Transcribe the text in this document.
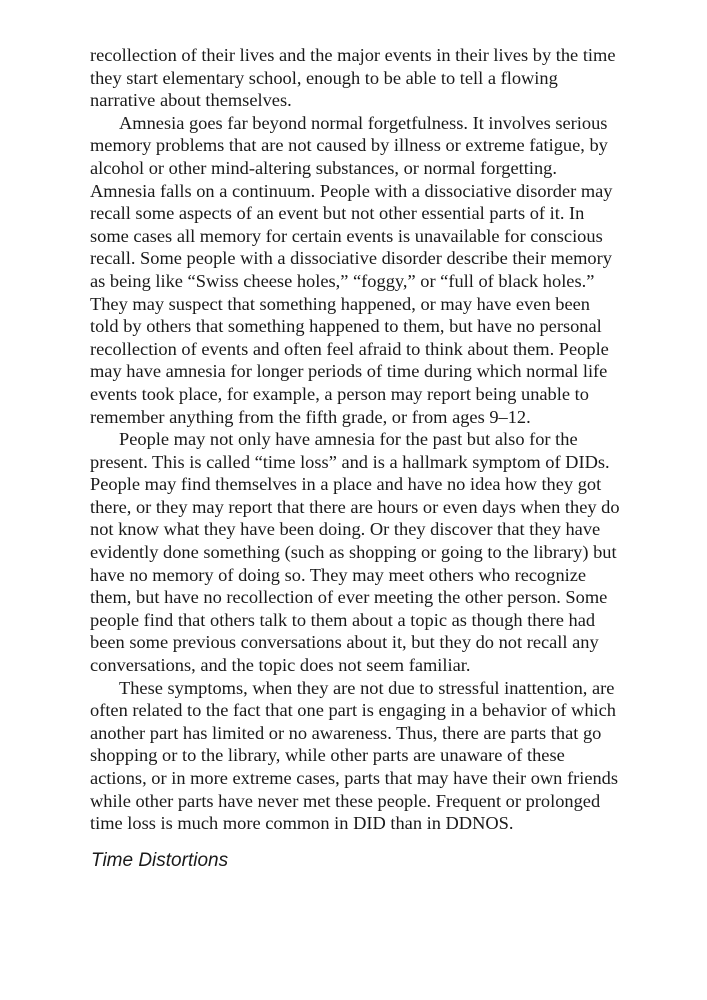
recollection of their lives and the major events in their lives by the time they start elementary school, enough to be able to tell a flowing narrative about themselves.

Amnesia goes far beyond normal forgetfulness. It involves serious memory problems that are not caused by illness or extreme fatigue, by alcohol or other mind-altering substances, or normal forgetting. Amnesia falls on a continuum. People with a dissociative disorder may recall some aspects of an event but not other essential parts of it. In some cases all memory for certain events is unavailable for conscious recall. Some people with a dissociative disorder describe their memory as being like “Swiss cheese holes,” “foggy,” or “full of black holes.” They may suspect that something happened, or may have even been told by others that something happened to them, but have no personal recollection of events and often feel afraid to think about them. People may have amnesia for longer periods of time during which normal life events took place, for example, a person may report being unable to remember anything from the fifth grade, or from ages 9–12.

People may not only have amnesia for the past but also for the present. This is called “time loss” and is a hallmark symptom of DIDs. People may find themselves in a place and have no idea how they got there, or they may report that there are hours or even days when they do not know what they have been doing. Or they discover that they have evidently done something (such as shopping or going to the library) but have no memory of doing so. They may meet others who recognize them, but have no recollection of ever meeting the other person. Some people find that others talk to them about a topic as though there had been some previous conversations about it, but they do not recall any conversations, and the topic does not seem familiar.

These symptoms, when they are not due to stressful inattention, are often related to the fact that one part is engaging in a behavior of which another part has limited or no awareness. Thus, there are parts that go shopping or to the library, while other parts are unaware of these actions, or in more extreme cases, parts that may have their own friends while other parts have never met these people. Frequent or prolonged time loss is much more common in DID than in DDNOS.

Time Distortions
